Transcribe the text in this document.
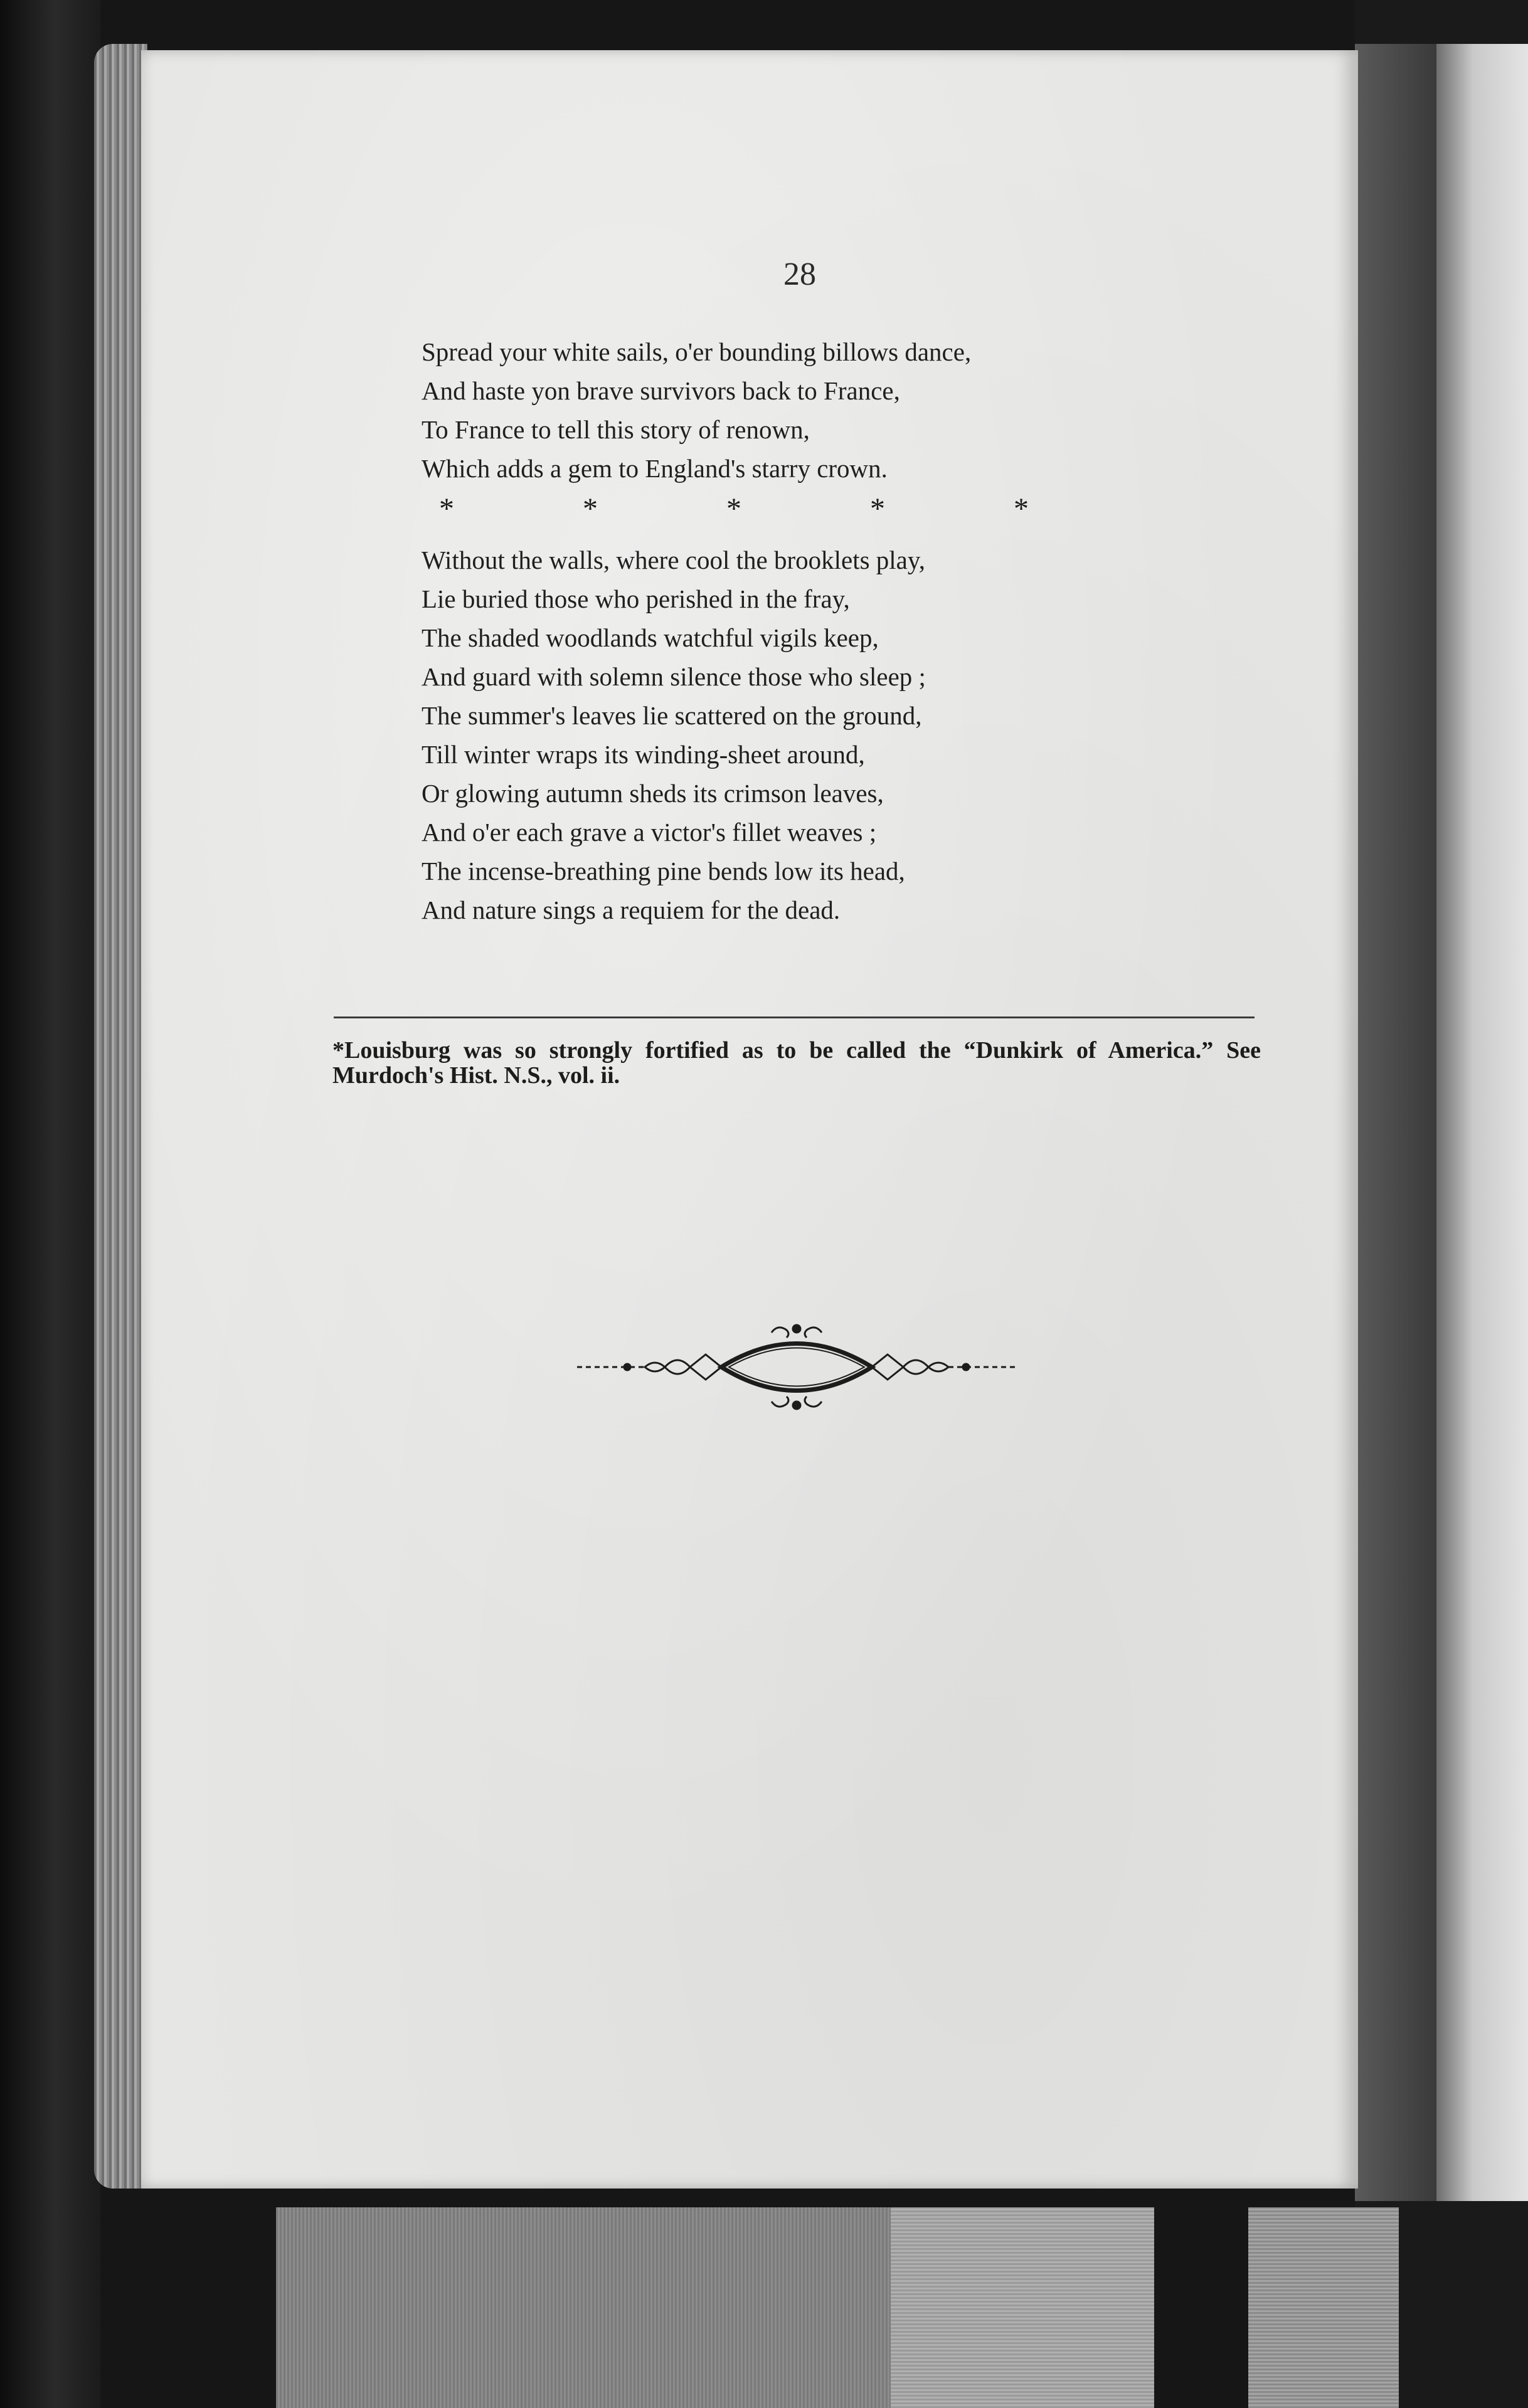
28
Spread your white sails, o'er bounding billows dance,
And haste yon brave survivors back to France,
To France to tell this story of renown,
Which adds a gem to England's starry crown.
*	*	*	*	*
Without the walls, where cool the brooklets play,
Lie buried those who perished in the fray,
The shaded woodlands watchful vigils keep,
And guard with solemn silence those who sleep ;
The summer's leaves lie scattered on the ground,
Till winter wraps its winding-sheet around,
Or glowing autumn sheds its crimson leaves,
And o'er each grave a victor's fillet weaves ;
The incense-breathing pine bends low its head,
And nature sings a requiem for the dead.

*Louisburg was so strongly fortified as to be called the “Dunkirk of America.” See Murdoch's Hist. N.S., vol. ii.
